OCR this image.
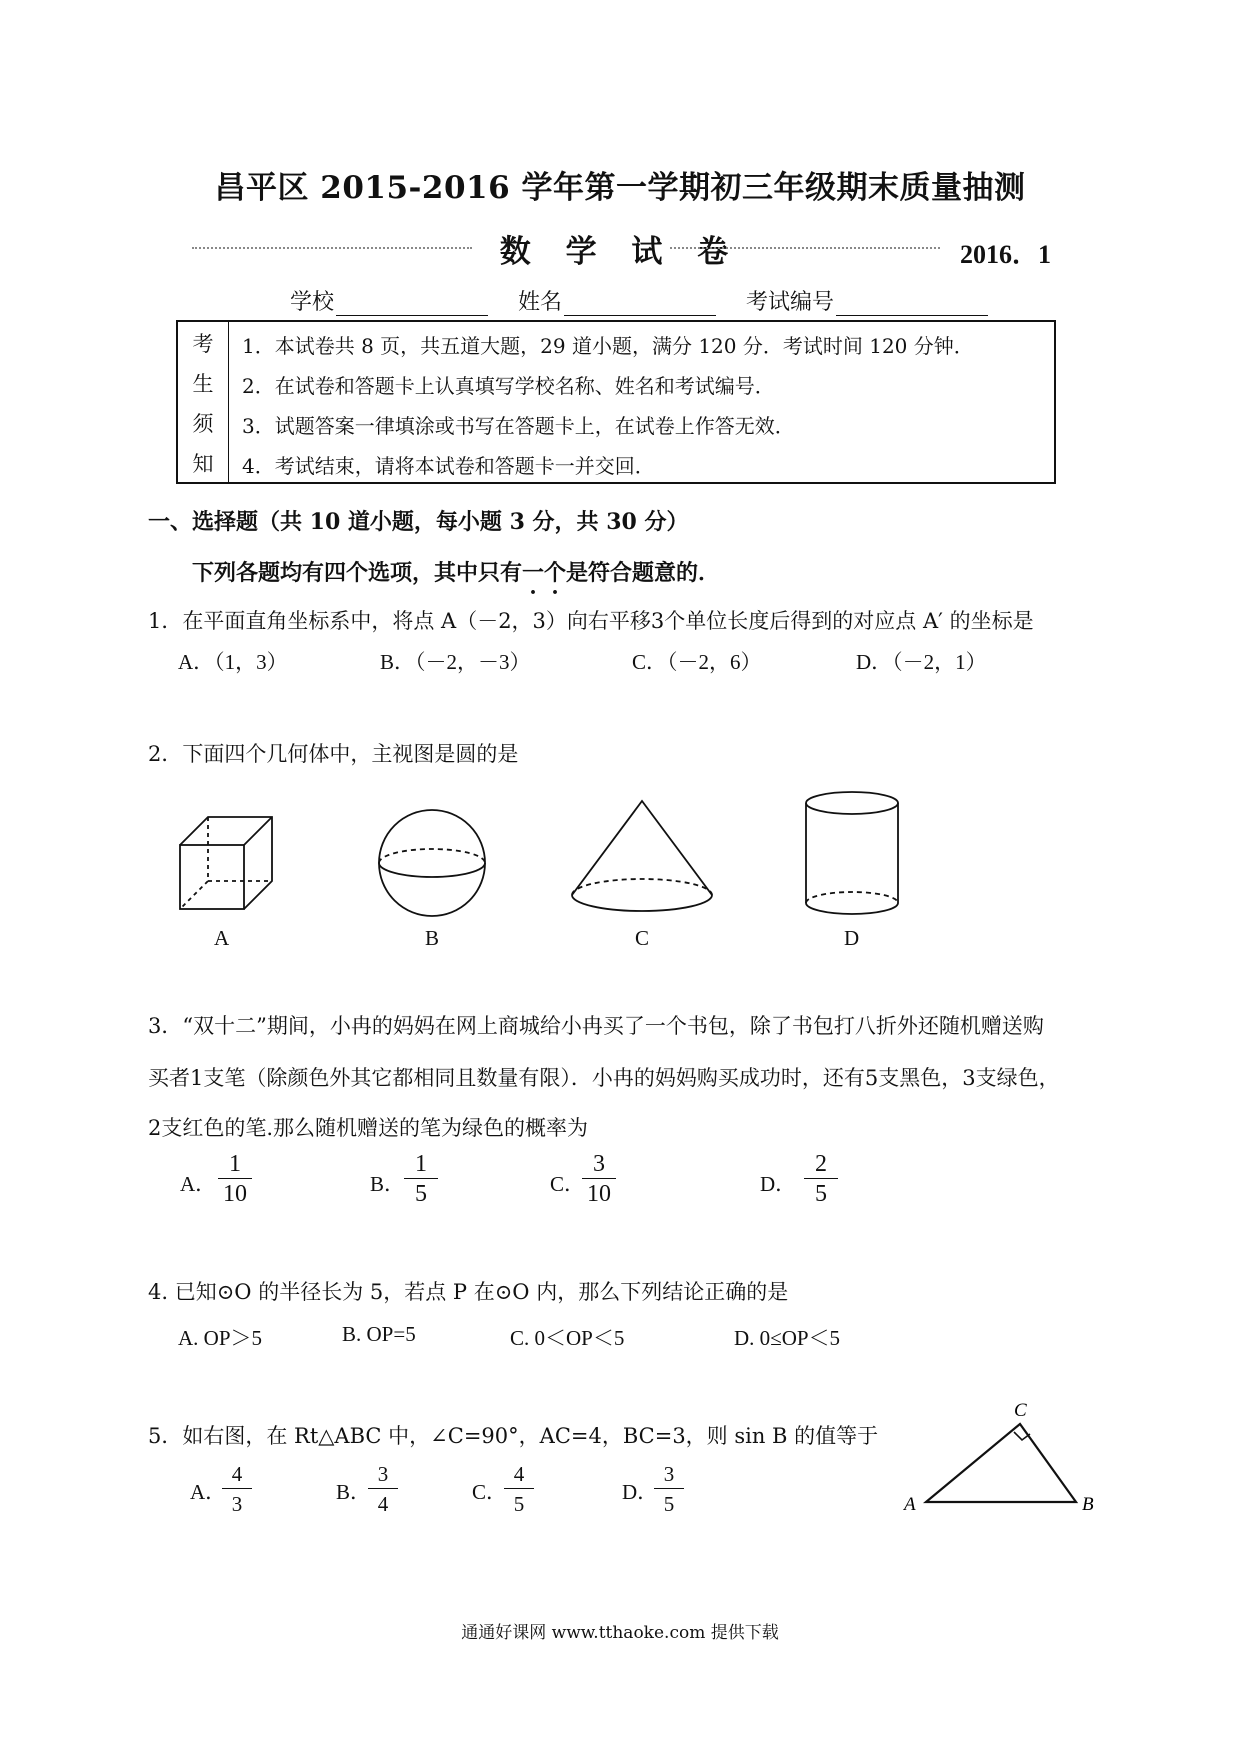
昌平区 2015-2016 学年第一学期初三年级期末质量抽测
数 学 试 卷	2016．1
学校	姓名	考试编号
考
生
须
知
1．本试卷共 8 页，共五道大题，29 道小题，满分 120 分．考试时间 120 分钟．
2．在试卷和答题卡上认真填写学校名称、姓名和考试编号．
3．试题答案一律填涂或书写在答题卡上，在试卷上作答无效．
4．考试结束，请将本试卷和答题卡一并交回．
一、选择题（共 10 道小题，每小题 3 分，共 30 分）
下列各题均有四个选项，其中只有一个是符合题意的．
1．在平面直角坐标系中，将点 A（－2，3）向右平移3个单位长度后得到的对应点 A′ 的坐标是
A．（1，3）	B．（－2，－3）	C．（－2，6）	D．（－2，1）
2．下面四个几何体中，主视图是圆的是
A	B	C	D
3．“双十二”期间，小冉的妈妈在网上商城给小冉买了一个书包，除了书包打八折外还随机赠送购
买者1支笔（除颜色外其它都相同且数量有限）．小冉的妈妈购买成功时，还有5支黑色，3支绿色，
2支红色的笔.那么随机赠送的笔为绿色的概率为
A． $\frac{1}{10}$	B．
$\frac{1}{5}$	C．
$\frac{3}{10}$	D． $\frac{2}{5}$
4. 已知⊙O 的半径长为 5，若点 P 在⊙O 内，那么下列结论正确的是
A. OP＞5	B. OP=5	C. 0＜OP＜5	D. 0≤OP＜5
5．如右图，在 Rt△ABC 中，∠C=90°，AC=4，BC=3，则 sin B 的值等于
A．
$\frac{4}{3}$	B．
$\frac{3}{4}$	C．
$\frac{4}{5}$	D．
$\frac{3}{5}$
C
A	B
通通好课网 www.tthaoke.com 提供下载
